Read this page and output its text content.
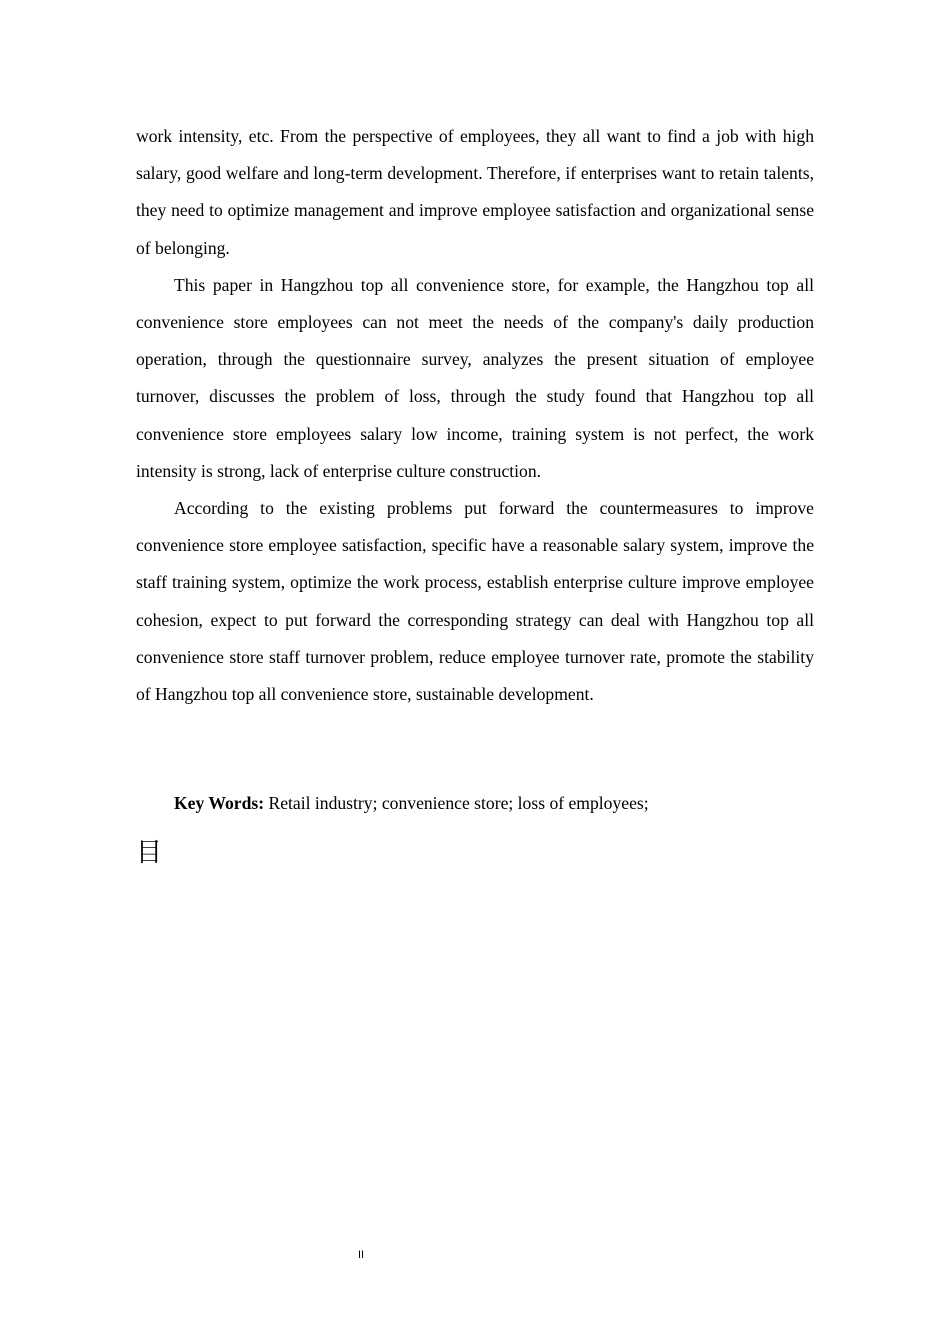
work intensity, etc. From the perspective of employees, they all want to find a job with high salary, good welfare and long-term development. Therefore, if enterprises want to retain talents, they need to optimize management and improve employee satisfaction and organizational sense of belonging.

This paper in Hangzhou top all convenience store, for example, the Hangzhou top all convenience store employees can not meet the needs of the company's daily production operation, through the questionnaire survey, analyzes the present situation of employee turnover, discusses the problem of loss, through the study found that Hangzhou top all convenience store employees salary low income, training system is not perfect, the work intensity is strong, lack of enterprise culture construction.

According to the existing problems put forward the countermeasures to improve convenience store employee satisfaction, specific have a reasonable salary system, improve the staff training system, optimize the work process, establish enterprise culture improve employee cohesion, expect to put forward the corresponding strategy can deal with Hangzhou top all convenience store staff turnover problem, reduce employee turnover rate, promote the stability of Hangzhou top all convenience store, sustainable development.

Key Words: Retail industry; convenience store; loss of employees;

目
II
